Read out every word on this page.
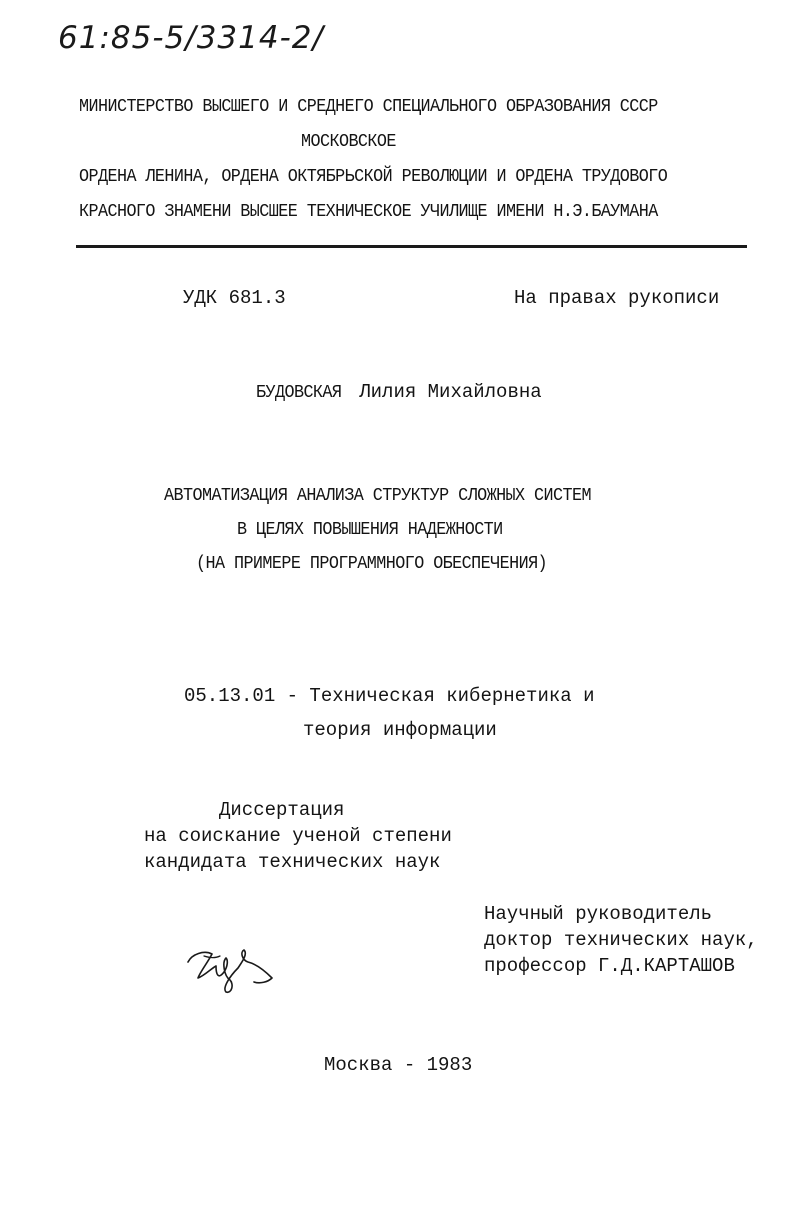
61:85-5/3314-2/
МИНИСТЕРСТВО ВЫСШЕГО И СРЕДНЕГО СПЕЦИАЛЬНОГО ОБРАЗОВАНИЯ СССР
МОСКОВСКОЕ
ОРДЕНА ЛЕНИНА, ОРДЕНА ОКТЯБРЬСКОЙ РЕВОЛЮЦИИ И ОРДЕНА ТРУДОВОГО
КРАСНОГО ЗНАМЕНИ ВЫСШЕЕ ТЕХНИЧЕСКОЕ УЧИЛИЩЕ ИМЕНИ Н.Э.БАУМАНА
УДК 681.3	На правах рукописи
БУДОВСКАЯ Лилия Михайловна
АВТОМАТИЗАЦИЯ АНАЛИЗА СТРУКТУР СЛОЖНЫХ СИСТЕМ
В ЦЕЛЯХ ПОВЫШЕНИЯ НАДЕЖНОСТИ
(НА ПРИМЕРЕ ПРОГРАММНОГО ОБЕСПЕЧЕНИЯ)
05.13.01 - Техническая кибернетика и
теория информации
Диссертация
на соискание ученой степени
кандидата технических наук
Научный руководитель
доктор технических наук,
профессор Г.Д.КАРТАШОВ
Москва - 1983
